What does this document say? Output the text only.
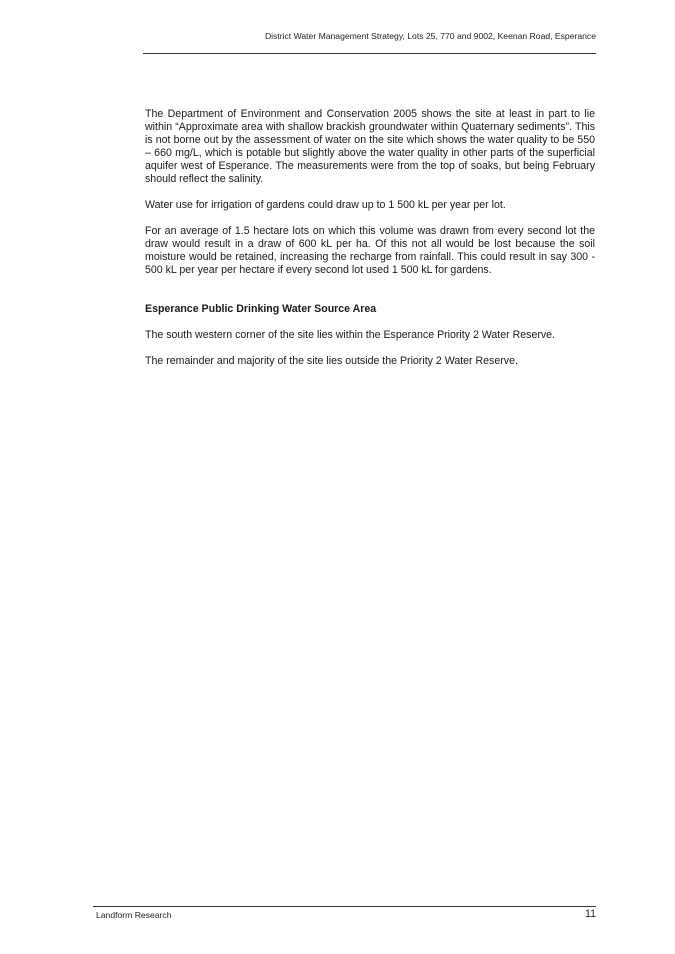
District Water Management Strategy, Lots 25, 770 and 9002, Keenan Road, Esperance

The Department of Environment and Conservation 2005 shows the site at least in part to lie within “Approximate area with shallow brackish groundwater within Quaternary sediments”. This is not borne out by the assessment of water on the site which shows the water quality to be 550 – 660 mg/L, which is potable but slightly above the water quality in other parts of the superficial aquifer west of Esperance. The measurements were from the top of soaks, but being February should reflect the salinity.

Water use for irrigation of gardens could draw up to 1 500 kL per year per lot.

For an average of 1.5 hectare lots on which this volume was drawn from every second lot the draw would result in a draw of 600 kL per ha. Of this not all would be lost because the soil moisture would be retained, increasing the recharge from rainfall. This could result in say 300 - 500 kL per year per hectare if every second lot used 1 500 kL for gardens.

Esperance Public Drinking Water Source Area

The south western corner of the site lies within the Esperance Priority 2 Water Reserve.

The remainder and majority of the site lies outside the Priority 2 Water Reserve.

Landform Research	11
